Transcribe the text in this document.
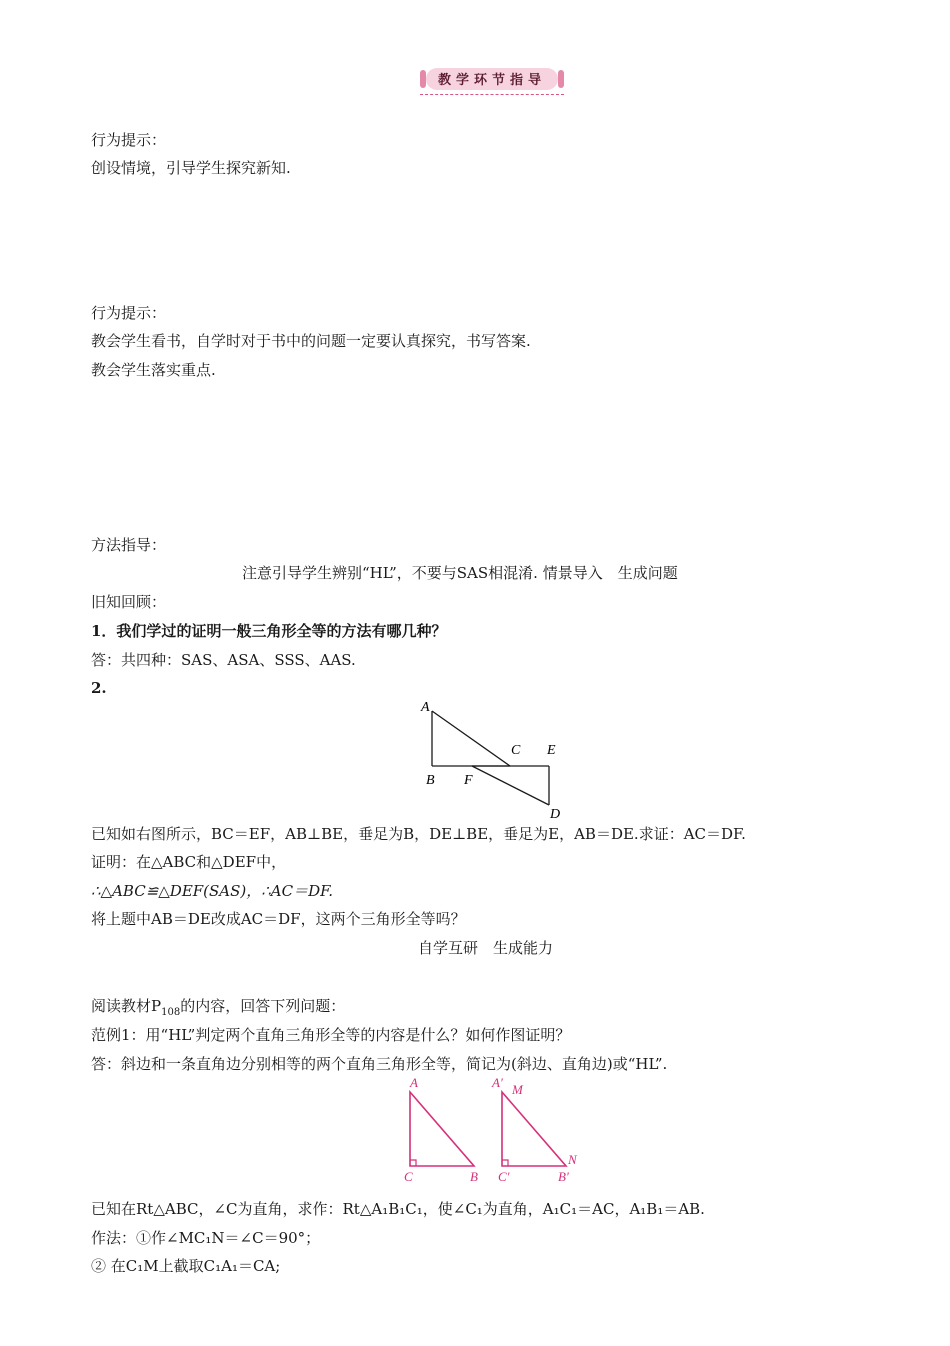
教学环节指导
行为提示：
创设情境，引导学生探究新知.
行为提示：
教会学生看书，自学时对于书中的问题一定要认真探究，书写答案.
教会学生落实重点.
方法指导：
注意引导学生辨别“HL”，不要与SAS相混淆. 情景导入　生成问题
旧知回顾：
1．我们学过的证明一般三角形全等的方法有哪几种？
答：共四种：SAS、ASA、SSS、AAS.
2.
A
B
C E
F
D
已知如右图所示，BC＝EF，AB⊥BE，垂足为B，DE⊥BE，垂足为E，AB＝DE.求证：AC＝DF.
证明：在△ABC和△DEF中，
∴△ABC≌△DEF(SAS)，∴AC＝DF.
将上题中AB＝DE改成AC＝DF，这两个三角形全等吗？
自学互研　生成能力
阅读教材$P_{108}$的内容，回答下列问题：
范例1：用“HL”判定两个直角三角形全等的内容是什么？如何作图证明？
答：斜边和一条直角边分别相等的两个直角三角形全等，简记为(斜边、直角边)或“HL”.
A
C	B
A′ M
C′
N
B′
已知在Rt△ABC，∠C为直角，求作：Rt△A₁B₁C₁，使∠C₁为直角，A₁C₁＝AC，A₁B₁＝AB.
作法：①作∠MC₁N＝∠C＝90°；
② 在C₁M上截取C₁A₁＝CA;
